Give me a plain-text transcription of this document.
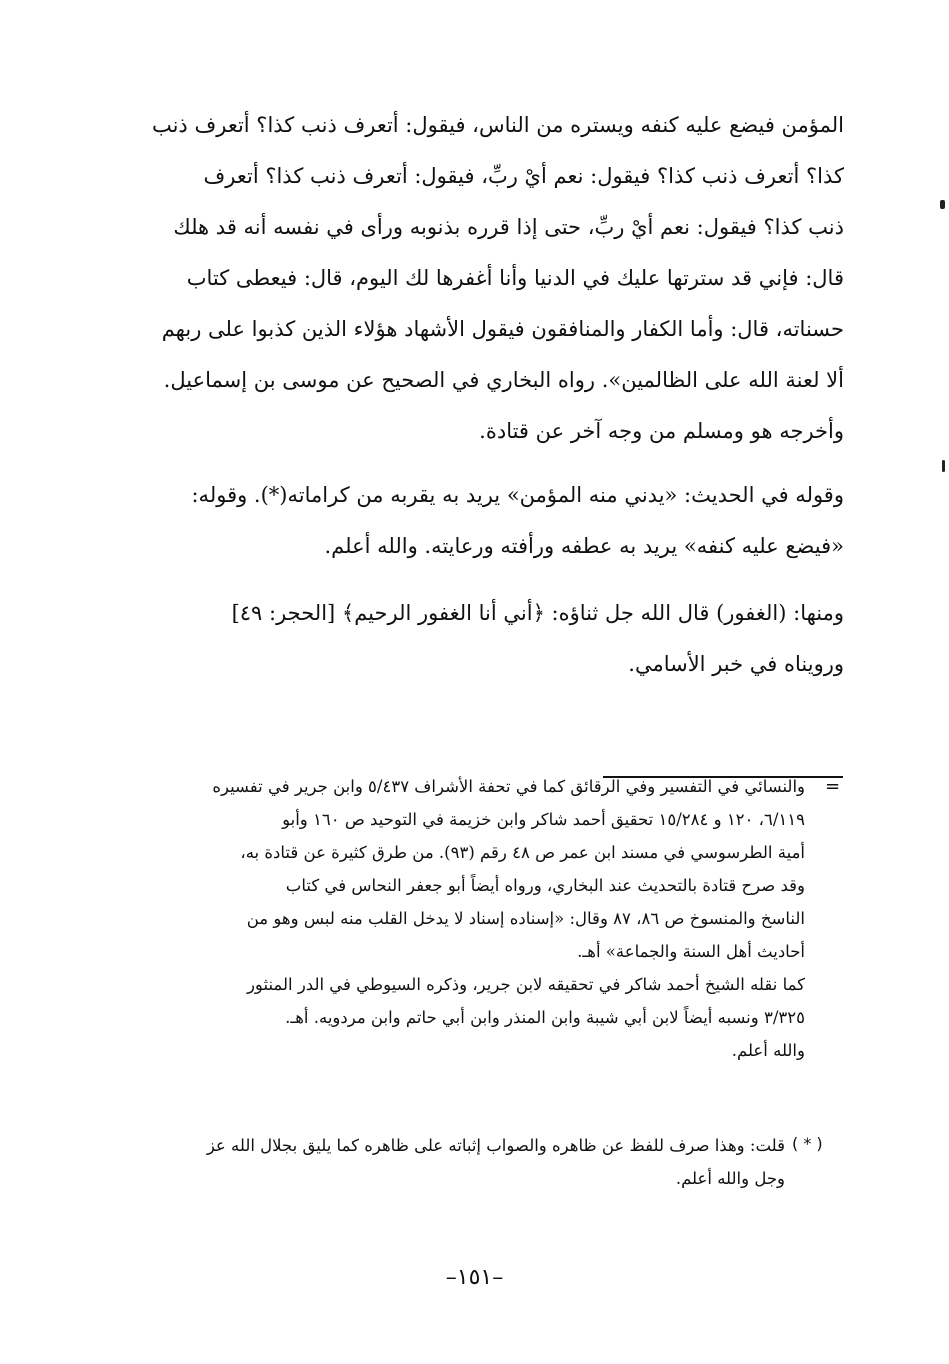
المؤمن فيضع عليه كنفه ويستره من الناس، فيقول: أتعرف ذنب كذا؟ أتعرف ذنب
كذا؟ أتعرف ذنب كذا؟ فيقول: نعم أيْ ربِّ، فيقول: أتعرف ذنب كذا؟ أتعرف
ذنب كذا؟ فيقول: نعم أيْ ربِّ، حتى إذا قرره بذنوبه ورأى في نفسه أنه قد هلك
قال: فإني قد سترتها عليك في الدنيا وأنا أغفرها لك اليوم، قال: فيعطى كتاب
حسناته، قال: وأما الكفار والمنافقون فيقول الأشهاد هؤلاء الذين كذبوا على ربهم
ألا لعنة الله على الظالمين». رواه البخاري في الصحيح عن موسى بن إسماعيل.
وأخرجه هو ومسلم من وجه آخر عن قتادة.
وقوله في الحديث: «يدني منه المؤمن» يريد به يقربه من كراماته(*). وقوله:
«فيضع عليه كنفه» يريد به عطفه ورأفته ورعايته. والله أعلم.
ومنها: (الغفور) قال الله جل ثناؤه: ﴿أني أنا الغفور الرحيم﴾ [الحجر: ٤٩]
ورويناه في خبر الأسامي.
=
والنسائي في التفسير وفي الرقائق كما في تحفة الأشراف ٥/٤٣٧ وابن جرير في تفسيره
٦/١١٩، ١٢٠ و ١٥/٢٨٤ تحقيق أحمد شاكر وابن خزيمة في التوحيد ص ١٦٠ وأبو
أمية الطرسوسي في مسند ابن عمر ص ٤٨ رقم (٩٣). من طرق كثيرة عن قتادة به،
وقد صرح قتادة بالتحديث عند البخاري، ورواه أيضاً أبو جعفر النحاس في كتاب
الناسخ والمنسوخ ص ٨٦، ٨٧ وقال: «إسناده إسناد لا يدخل القلب منه لبس وهو من
أحاديث أهل السنة والجماعة» أهـ.
كما نقله الشيخ أحمد شاكر في تحقيقه لابن جرير، وذكره السيوطي في الدر المنثور
٣/٣٢٥ ونسبه أيضاً لابن أبي شيبة وابن المنذر وابن أبي حاتم وابن مردويه. أهـ.
والله أعلم.
( * )
قلت: وهذا صرف للفظ عن ظاهره والصواب إثباته على ظاهره كما يليق بجلال الله عز
وجل والله أعلم.
–١٥١–
